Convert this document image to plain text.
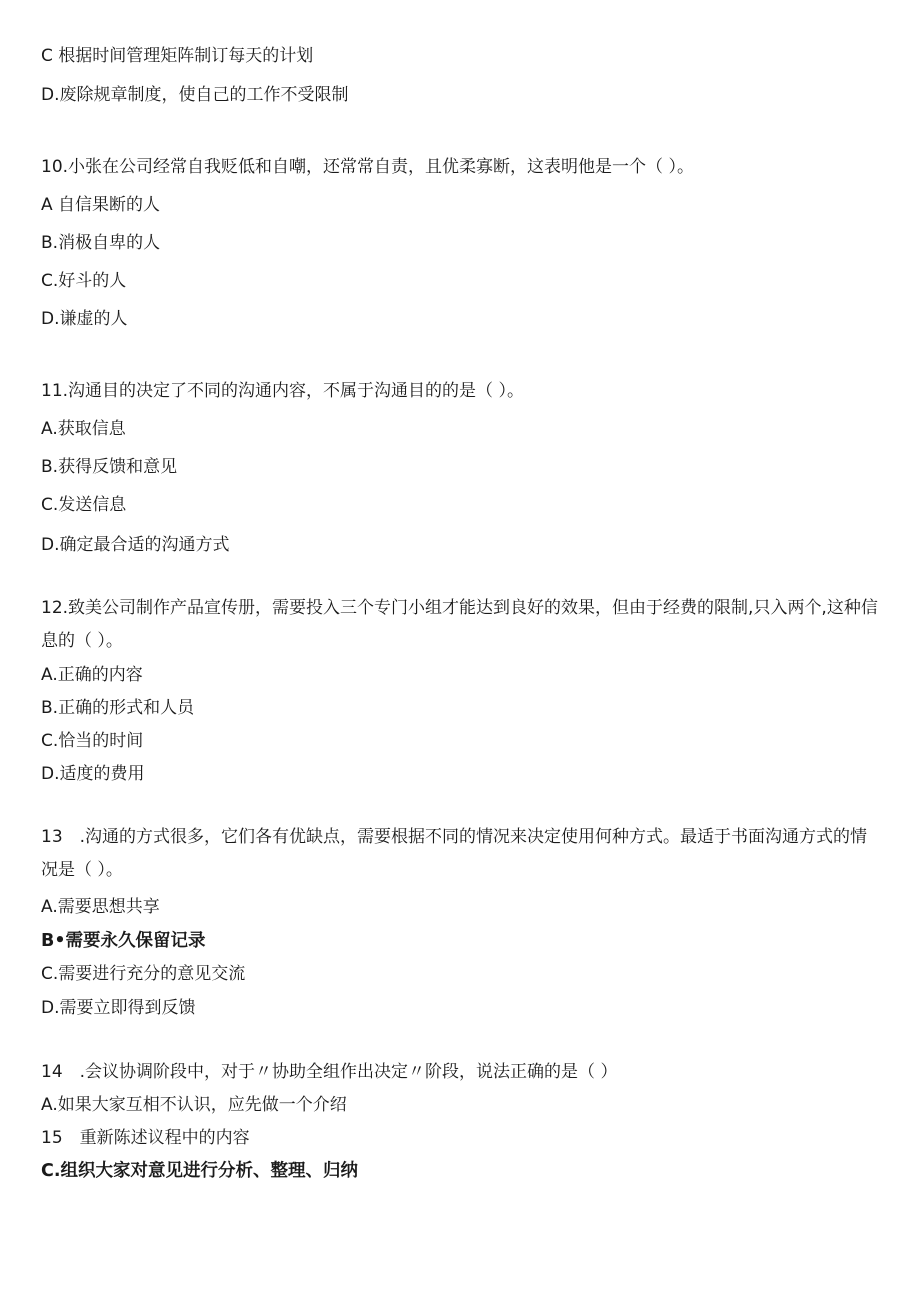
C 根据时间管理矩阵制订每天的计划
D.废除规章制度，使自己的工作不受限制
10.小张在公司经常自我贬低和自嘲，还常常自责，且优柔寡断，这表明他是一个（ ）。
A 自信果断的人
B.消极自卑的人
C.好斗的人
D.谦虚的人
11.沟通目的决定了不同的沟通内容，不属于沟通目的的是（ ）。
A.获取信息
B.获得反馈和意见
C.发送信息
D.确定最合适的沟通方式
12.致美公司制作产品宣传册，需要投入三个专门小组才能达到良好的效果，但由于经费的限制,只入两个,这种信息的（ ）。
A.正确的内容
B.正确的形式和人员
C.恰当的时间
D.适度的费用
13　.沟通的方式很多，它们各有优缺点，需要根据不同的情况来决定使用何种方式。最适于书面沟通方式的情况是（ ）。
A.需要思想共享
B•需要永久保留记录
C.需要进行充分的意见交流
D.需要立即得到反馈
14　.会议协调阶段中，对于〃协助全组作出决定〃阶段，说法正确的是（ ）
A.如果大家互相不认识，应先做一个介绍
15　重新陈述议程中的内容
C.组织大家对意见进行分析、整理、归纳
